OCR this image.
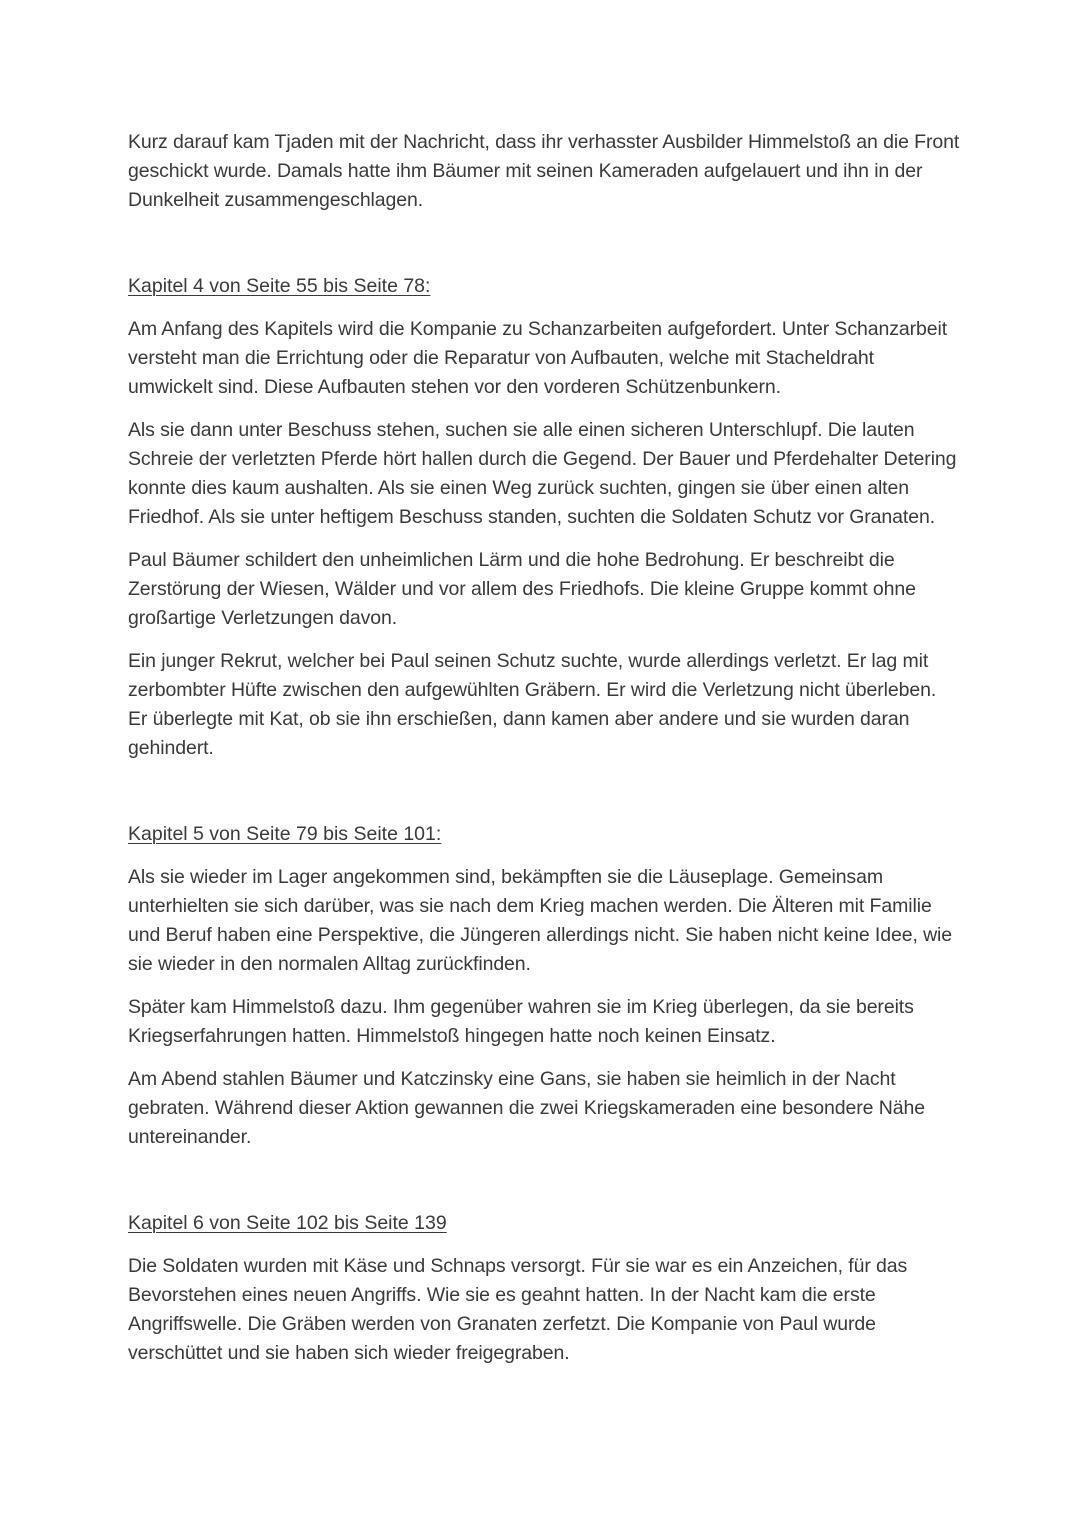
Kurz darauf kam Tjaden mit der Nachricht, dass ihr verhasster Ausbilder Himmelstoß an die Front geschickt wurde. Damals hatte ihm Bäumer mit seinen Kameraden aufgelauert und ihn in der Dunkelheit zusammengeschlagen.

Kapitel 4 von Seite 55 bis Seite 78:

Am Anfang des Kapitels wird die Kompanie zu Schanzarbeiten aufgefordert. Unter Schanzarbeit versteht man die Errichtung oder die Reparatur von Aufbauten, welche mit Stacheldraht umwickelt sind. Diese Aufbauten stehen vor den vorderen Schützenbunkern.

Als sie dann unter Beschuss stehen, suchen sie alle einen sicheren Unterschlupf. Die lauten Schreie der verletzten Pferde hört hallen durch die Gegend. Der Bauer und Pferdehalter Detering konnte dies kaum aushalten. Als sie einen Weg zurück suchten, gingen sie über einen alten Friedhof. Als sie unter heftigem Beschuss standen, suchten die Soldaten Schutz vor Granaten.

Paul Bäumer schildert den unheimlichen Lärm und die hohe Bedrohung. Er beschreibt die Zerstörung der Wiesen, Wälder und vor allem des Friedhofs. Die kleine Gruppe kommt ohne großartige Verletzungen davon.

Ein junger Rekrut, welcher bei Paul seinen Schutz suchte, wurde allerdings verletzt. Er lag mit zerbombter Hüfte zwischen den aufgewühlten Gräbern. Er wird die Verletzung nicht überleben. Er überlegte mit Kat, ob sie ihn erschießen, dann kamen aber andere und sie wurden daran gehindert.

Kapitel 5 von Seite 79 bis Seite 101:

Als sie wieder im Lager angekommen sind, bekämpften sie die Läuseplage. Gemeinsam unterhielten sie sich darüber, was sie nach dem Krieg machen werden. Die Älteren mit Familie und Beruf haben eine Perspektive, die Jüngeren allerdings nicht. Sie haben nicht keine Idee, wie sie wieder in den normalen Alltag zurückfinden.

Später kam Himmelstoß dazu. Ihm gegenüber wahren sie im Krieg überlegen, da sie bereits Kriegserfahrungen hatten. Himmelstoß hingegen hatte noch keinen Einsatz.

Am Abend stahlen Bäumer und Katczinsky eine Gans, sie haben sie heimlich in der Nacht gebraten. Während dieser Aktion gewannen die zwei Kriegskameraden eine besondere Nähe untereinander.

Kapitel 6 von Seite 102 bis Seite 139

Die Soldaten wurden mit Käse und Schnaps versorgt. Für sie war es ein Anzeichen, für das Bevorstehen eines neuen Angriffs. Wie sie es geahnt hatten. In der Nacht kam die erste Angriffswelle. Die Gräben werden von Granaten zerfetzt. Die Kompanie von Paul wurde verschüttet und sie haben sich wieder freigegraben.
